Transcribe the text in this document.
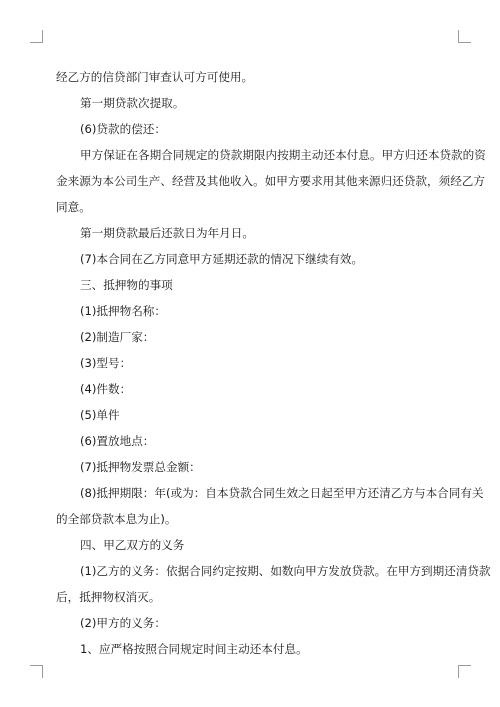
经乙方的信贷部门审查认可方可使用。

第一期贷款次提取。

(6)贷款的偿还：

甲方保证在各期合同规定的贷款期限内按期主动还本付息。甲方归还本贷款的资

金来源为本公司生产、经营及其他收入。如甲方要求用其他来源归还贷款，须经乙方

同意。

第一期贷款最后还款日为年月日。

(7)本合同在乙方同意甲方延期还款的情况下继续有效。

三、抵押物的事项

(1)抵押物名称：

(2)制造厂家：

(3)型号：

(4)件数：

(5)单件

(6)置放地点：

(7)抵押物发票总金额：

(8)抵押期限：年(或为：自本贷款合同生效之日起至甲方还清乙方与本合同有关

的全部贷款本息为止)。

四、甲乙双方的义务

(1)乙方的义务：依据合同约定按期、如数向甲方发放贷款。在甲方到期还清贷款

后，抵押物权消灭。

(2)甲方的义务：

1、应严格按照合同规定时间主动还本付息。
